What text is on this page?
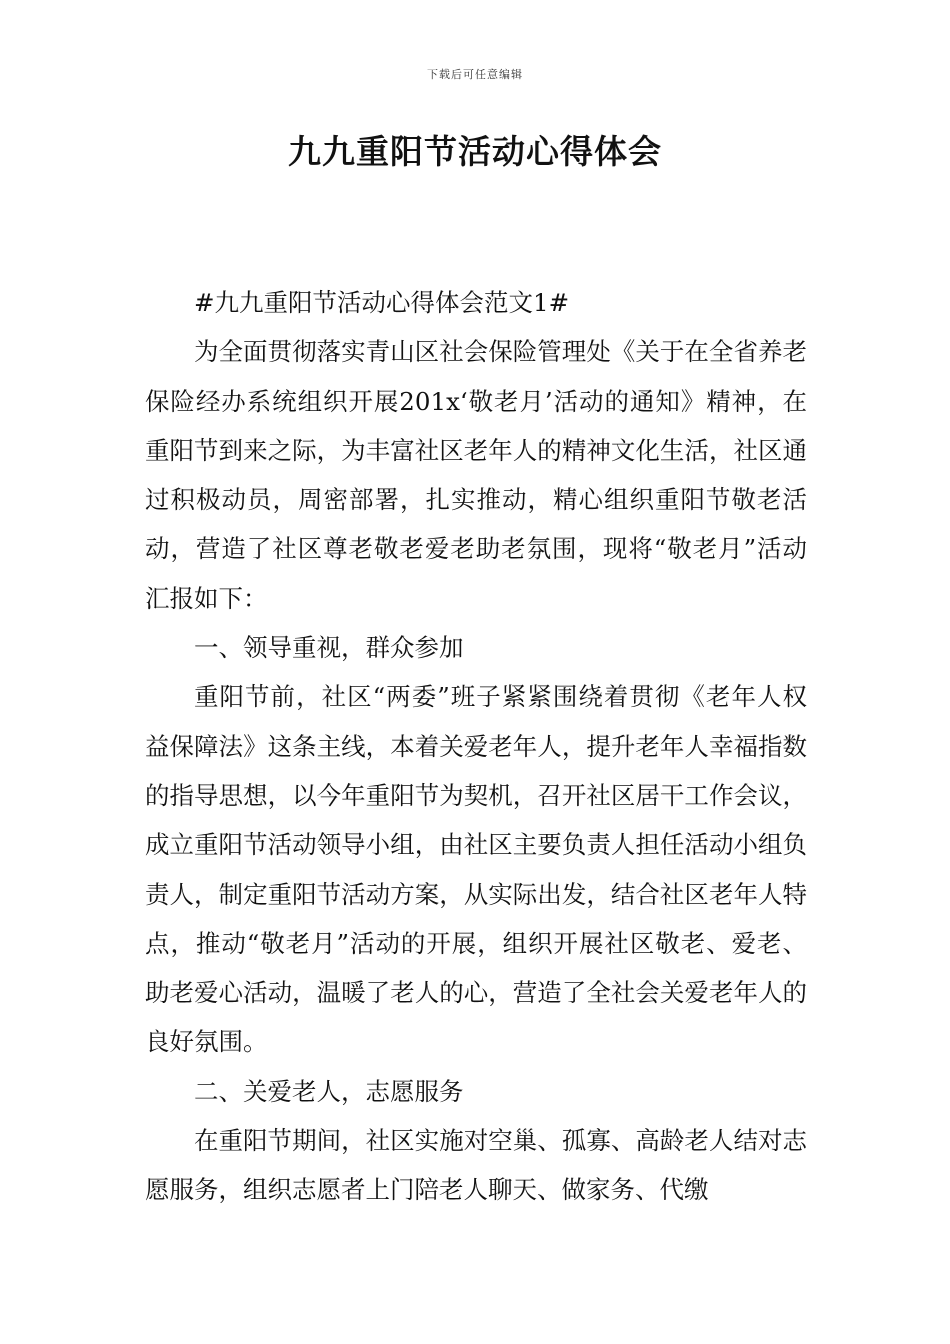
下载后可任意编辑
九九重阳节活动心得体会

#九九重阳节活动心得体会范文1#

为全面贯彻落实青山区社会保险管理处《关于在全省养老保险经办系统组织开展201x‘敬老月’活动的通知》精神，在重阳节到来之际，为丰富社区老年人的精神文化生活，社区通过积极动员，周密部署，扎实推动，精心组织重阳节敬老活动，营造了社区尊老敬老爱老助老氛围，现将“敬老月”活动汇报如下：

一、领导重视，群众参加

重阳节前，社区“两委”班子紧紧围绕着贯彻《老年人权益保障法》这条主线，本着关爱老年人，提升老年人幸福指数的指导思想，以今年重阳节为契机，召开社区居干工作会议，成立重阳节活动领导小组，由社区主要负责人担任活动小组负责人，制定重阳节活动方案，从实际出发，结合社区老年人特点，推动“敬老月”活动的开展，组织开展社区敬老、爱老、助老爱心活动，温暖了老人的心，营造了全社会关爱老年人的良好氛围。

二、关爱老人，志愿服务

在重阳节期间，社区实施对空巢、孤寡、高龄老人结对志愿服务，组织志愿者上门陪老人聊天、做家务、代缴
